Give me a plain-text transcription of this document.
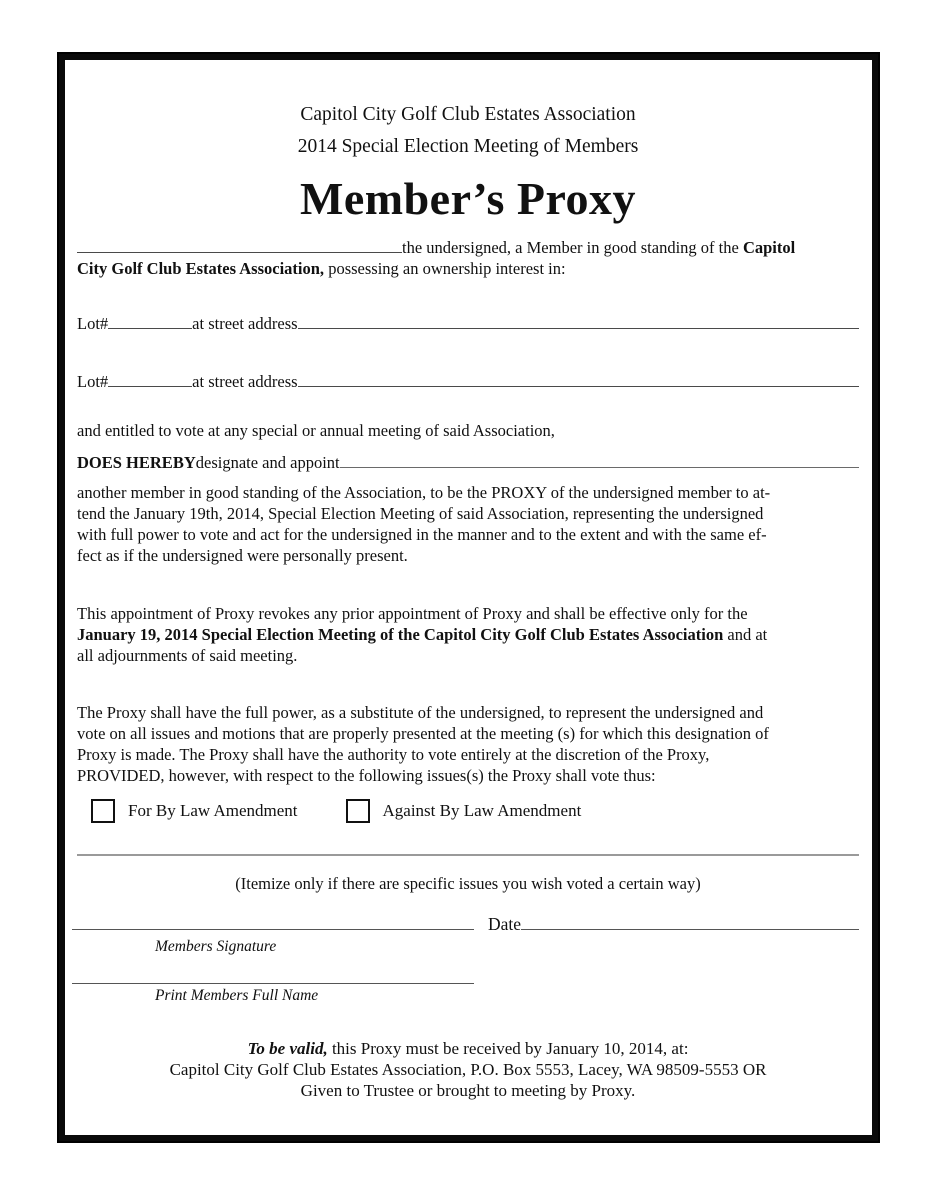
Capitol City Golf Club Estates Association
2014 Special Election Meeting of Members
Member’s Proxy
the undersigned, a Member in good standing of the Capitol
City Golf Club Estates Association, possessing an ownership interest in:
Lot#	at street address
Lot#	at street address
and entitled to vote at any special or annual meeting of said Association,
DOES HEREBY designate and appoint
another member in good standing of the Association, to be the PROXY of the undersigned member to at-
tend the January 19th, 2014, Special Election Meeting of said Association, representing the undersigned
with full power to vote and act for the undersigned in the manner and to the extent and with the same ef-
fect as if the undersigned were personally present.
This appointment of Proxy revokes any prior appointment of Proxy and shall be effective only for the
January 19, 2014 Special Election Meeting of the Capitol City Golf Club Estates Association and at
all adjournments of said meeting.
The Proxy shall have the full power, as a substitute of the undersigned, to represent the undersigned and
vote on all issues and motions that are properly presented at the meeting (s) for which this designation of
Proxy is made. The Proxy shall have the authority to vote entirely at the discretion of the Proxy,
PROVIDED, however, with respect to the following issues(s) the Proxy shall vote thus:
For By Law Amendment	Against By Law Amendment
(Itemize only if there are specific issues you wish voted a certain way)
Date
Members Signature
Print Members Full Name
To be valid, this Proxy must be received by January 10, 2014, at:
Capitol City Golf Club Estates Association, P.O. Box 5553, Lacey, WA 98509-5553 OR
Given to Trustee or brought to meeting by Proxy.
